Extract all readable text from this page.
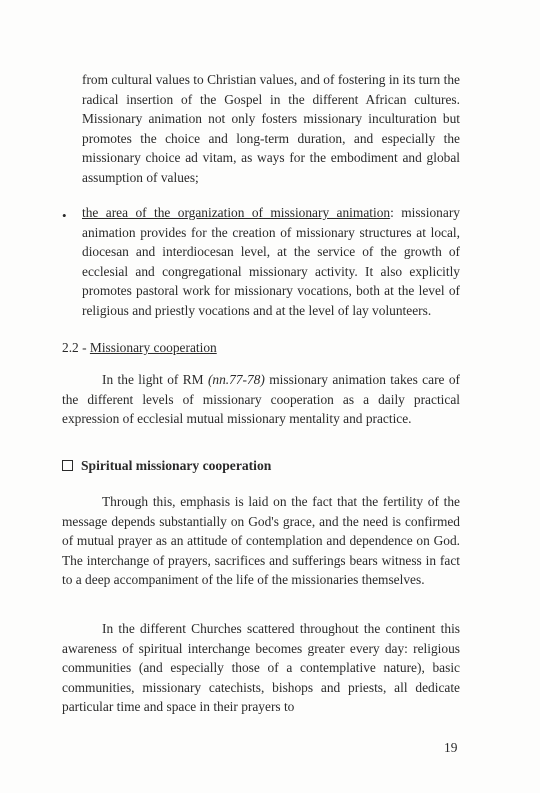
from cultural values to Christian values, and of fostering in its turn the radical insertion of the Gospel in the different African cultures. Missionary animation not only fosters missionary inculturation but promotes the choice and long-term duration, and especially the missionary choice ad vitam, as ways for the embodiment and global assumption of values;

• the area of the organization of missionary animation: missionary animation provides for the creation of missionary structures at local, diocesan and interdiocesan level, at the service of the growth of ecclesial and congregational missionary activity. It also explicitly promotes pastoral work for missionary vocations, both at the level of religious and priestly vocations and at the level of lay volunteers.
2.2 - Missionary cooperation

In the light of RM (nn.77-78) missionary animation takes care of the different levels of missionary cooperation as a daily practical expression of ecclesial mutual missionary mentality and practice.

Spiritual missionary cooperation

Through this, emphasis is laid on the fact that the fertility of the message depends substantially on God's grace, and the need is confirmed of mutual prayer as an attitude of contemplation and dependence on God. The interchange of prayers, sacrifices and sufferings bears witness in fact to a deep accompaniment of the life of the missionaries themselves.

In the different Churches scattered throughout the continent this awareness of spiritual interchange becomes greater every day: religious communities (and especially those of a contemplative nature), basic communities, missionary catechists, bishops and priests, all dedicate particular time and space in their prayers to

19
